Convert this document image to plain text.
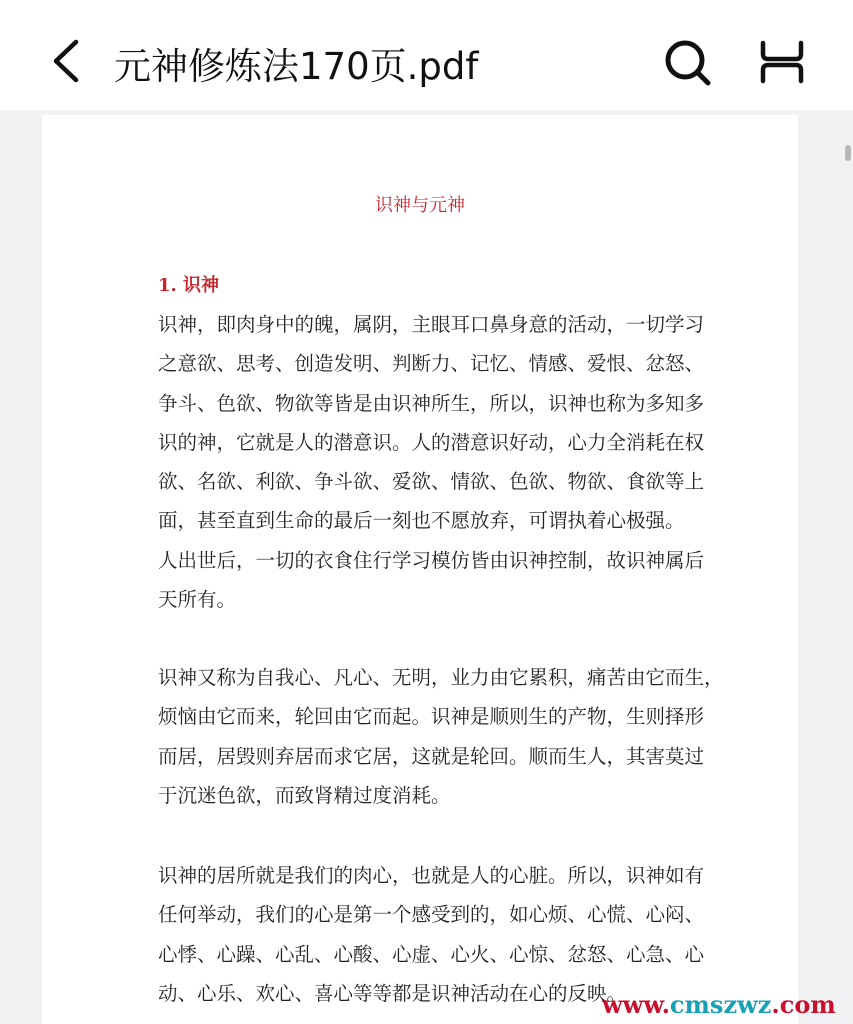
元神修炼法170页.pdf
识神与元神
1. 识神
识神，即肉身中的魄，属阴，主眼耳口鼻身意的活动，一切学习
之意欲、思考、创造发明、判断力、记忆、情感、爱恨、忿怒、
争斗、色欲、物欲等皆是由识神所生，所以，识神也称为多知多
识的神，它就是人的潜意识。人的潜意识好动，心力全消耗在权
欲、名欲、利欲、争斗欲、爱欲、情欲、色欲、物欲、食欲等上
面，甚至直到生命的最后一刻也不愿放弃，可谓执着心极强。
人出世后，一切的衣食住行学习模仿皆由识神控制，故识神属后
天所有。
识神又称为自我心、凡心、无明，业力由它累积，痛苦由它而生，
烦恼由它而来，轮回由它而起。识神是顺则生的产物，生则择形
而居，居毁则弃居而求它居，这就是轮回。顺而生人，其害莫过
于沉迷色欲，而致肾精过度消耗。
识神的居所就是我们的肉心，也就是人的心脏。所以，识神如有
任何举动，我们的心是第一个感受到的，如心烦、心慌、心闷、
心悸、心躁、心乱、心酸、心虚、心火、心惊、忿怒、心急、心
动、心乐、欢心、喜心等等都是识神活动在心的反映。
www.cmszwz.com
